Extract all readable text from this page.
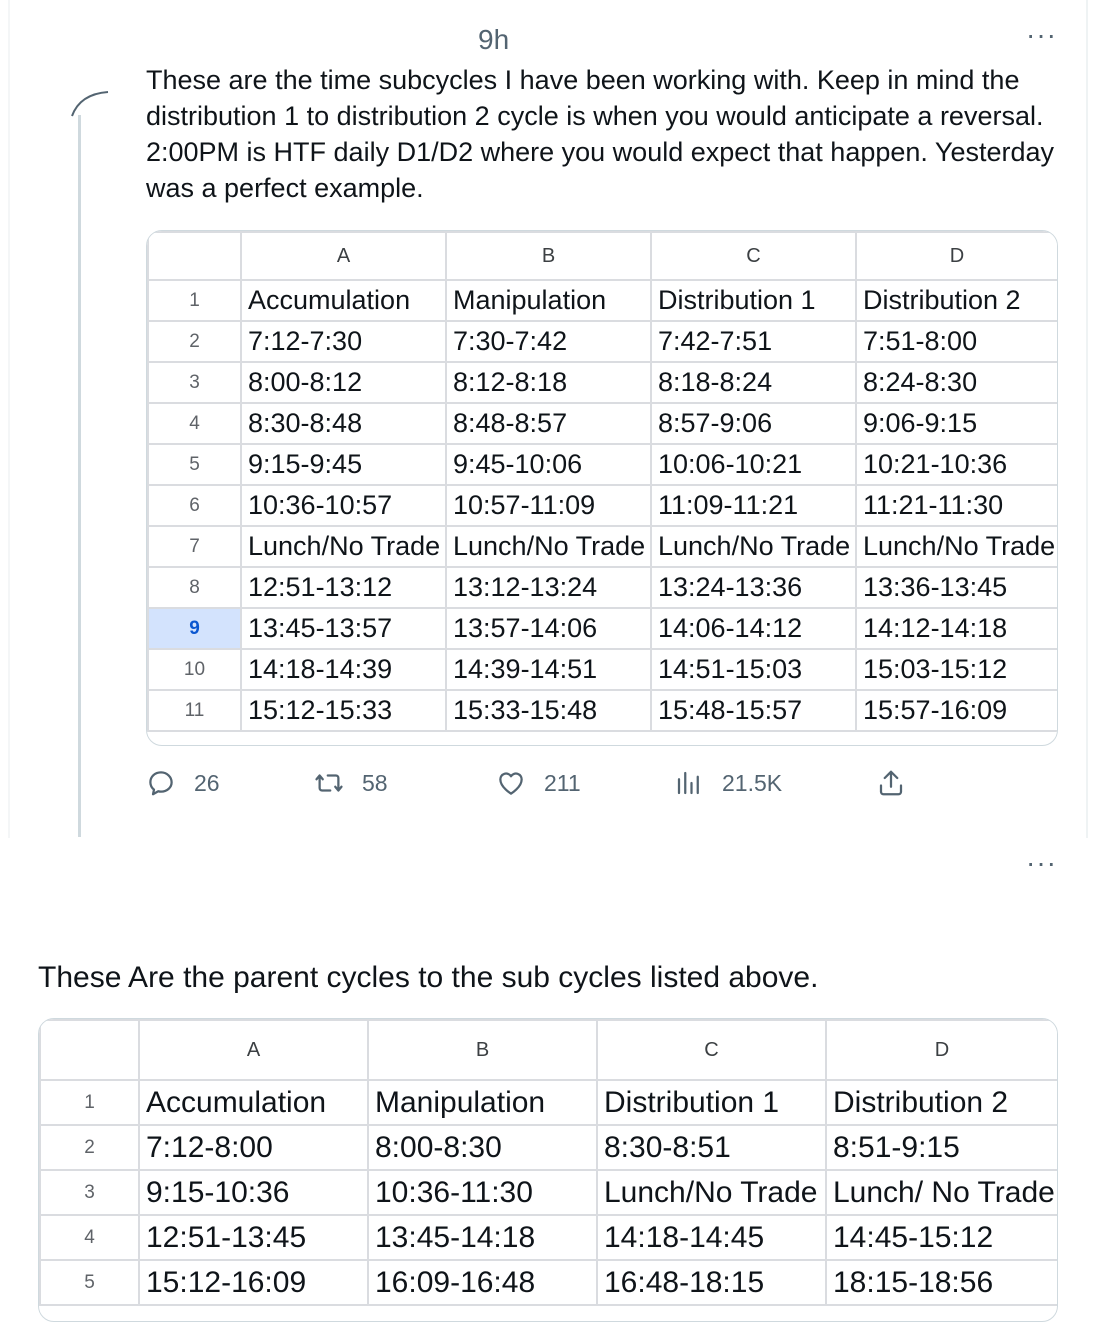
9h	···
These are the time subcycles I have been working with. Keep in mind the distribution 1 to distribution 2 cycle is when you would anticipate a reversal. 2:00PM is HTF daily D1/D2 where you would expect that happen. Yesterday was a perfect example.
	A	B	C	D
1	Accumulation	Manipulation	Distribution 1	Distribution 2
2	7:12-7:30	7:30-7:42	7:42-7:51	7:51-8:00
3	8:00-8:12	8:12-8:18	8:18-8:24	8:24-8:30
4	8:30-8:48	8:48-8:57	8:57-9:06	9:06-9:15
5	9:15-9:45	9:45-10:06	10:06-10:21	10:21-10:36
6	10:36-10:57	10:57-11:09	11:09-11:21	11:21-11:30
7	Lunch/No Trade	Lunch/No Trade	Lunch/No Trade	Lunch/No Trade
8	12:51-13:12	13:12-13:24	13:24-13:36	13:36-13:45
9	13:45-13:57	13:57-14:06	14:06-14:12	14:12-14:18
10	14:18-14:39	14:39-14:51	14:51-15:03	15:03-15:12
11	15:12-15:33	15:33-15:48	15:48-15:57	15:57-16:09
26	58	211	21.5K
···
These Are the parent cycles to the sub cycles listed above.
	A	B	C	D
1	Accumulation	Manipulation	Distribution 1	Distribution 2
2	7:12-8:00	8:00-8:30	8:30-8:51	8:51-9:15
3	9:15-10:36	10:36-11:30	Lunch/No Trade	Lunch/ No Trade
4	12:51-13:45	13:45-14:18	14:18-14:45	14:45-15:12
5	15:12-16:09	16:09-16:48	16:48-18:15	18:15-18:56
